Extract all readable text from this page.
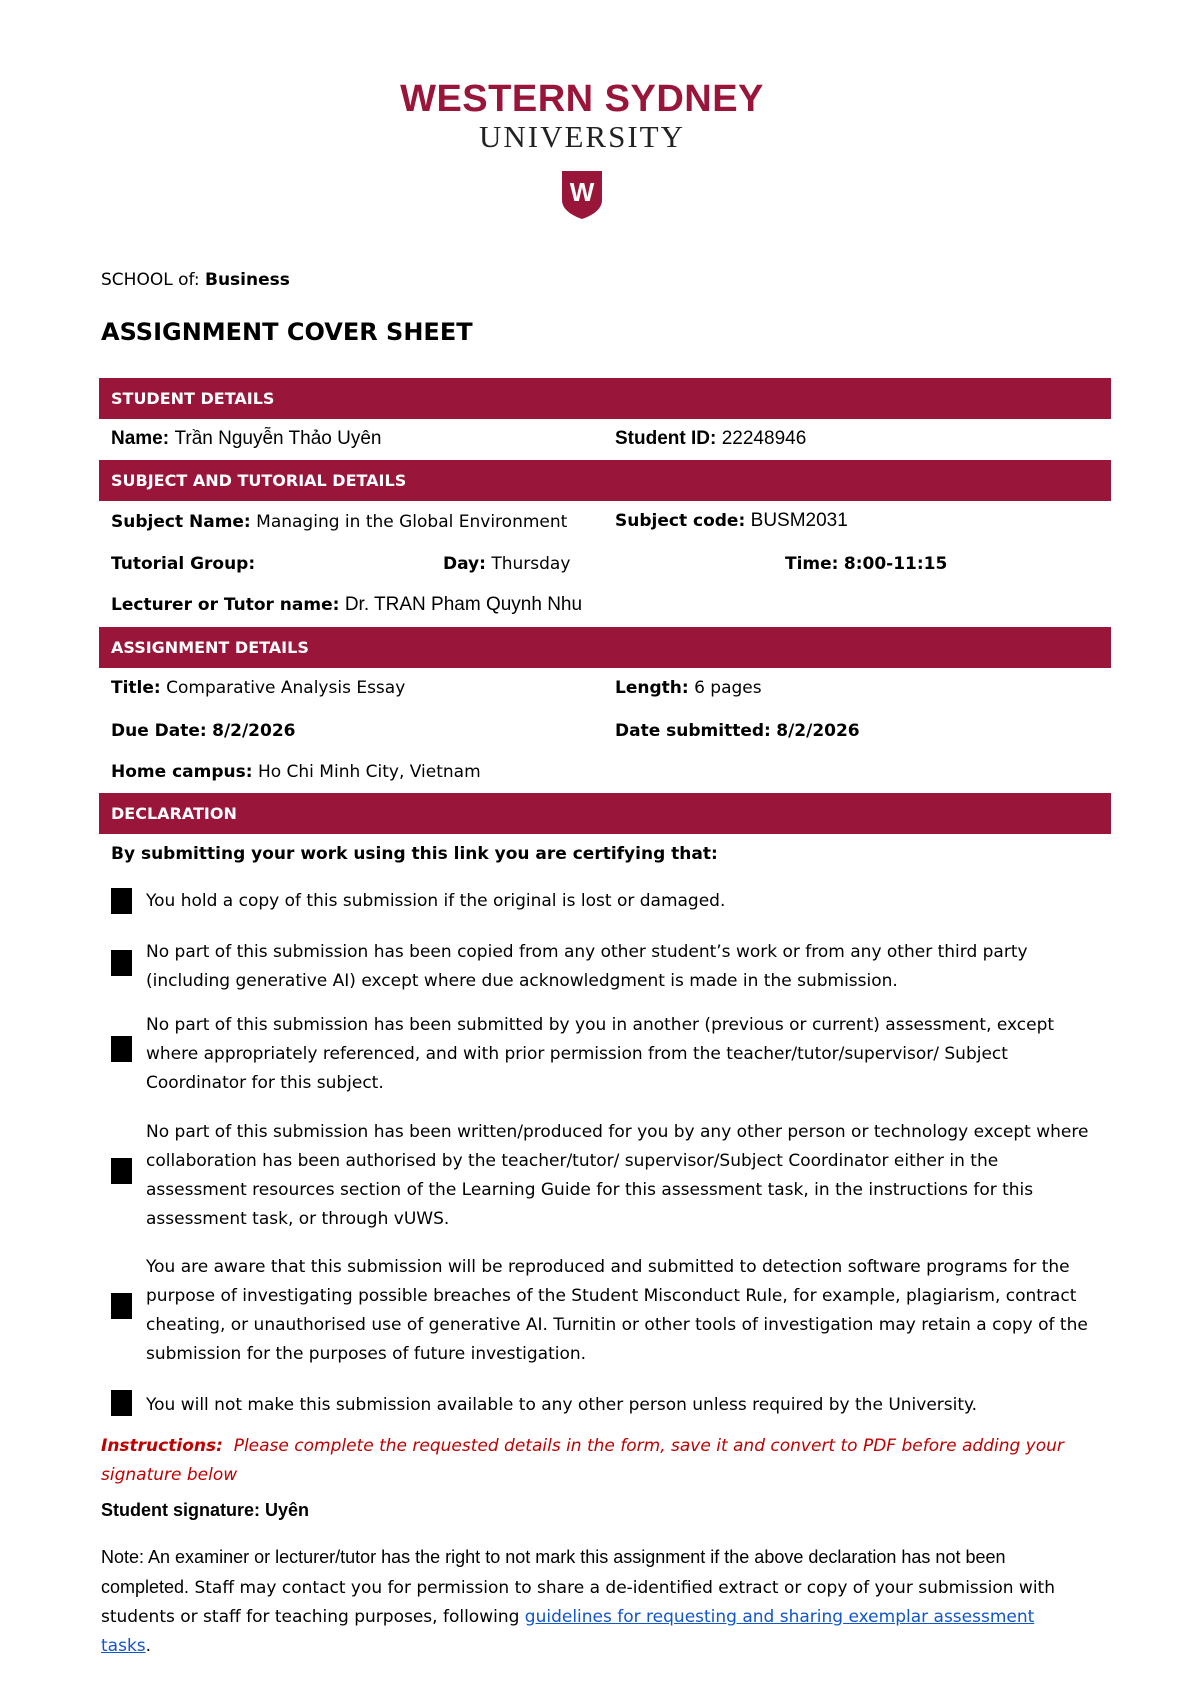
WESTERN SYDNEY
UNIVERSITY
W
SCHOOL of: Business
ASSIGNMENT COVER SHEET
STUDENT DETAILS
Name: Trần Nguyễn Thảo Uyên	Student ID: 22248946
SUBJECT AND TUTORIAL DETAILS
Subject Name: Managing in the Global Environment	Subject code: BUSM2031
Tutorial Group:	Day: Thursday	Time: 8:00-11:15
Lecturer or Tutor name: Dr. TRAN Pham Quynh Nhu
ASSIGNMENT DETAILS
Title: Comparative Analysis Essay	Length: 6 pages
Due Date: 8/2/2026	Date submitted: 8/2/2026
Home campus: Ho Chi Minh City, Vietnam
DECLARATION
By submitting your work using this link you are certifying that:
You hold a copy of this submission if the original is lost or damaged.
No part of this submission has been copied from any other student’s work or from any other third party (including generative AI) except where due acknowledgment is made in the submission.
No part of this submission has been submitted by you in another (previous or current) assessment, except where appropriately referenced, and with prior permission from the teacher/tutor/supervisor/ Subject Coordinator for this subject.
No part of this submission has been written/produced for you by any other person or technology except where collaboration has been authorised by the teacher/tutor/ supervisor/Subject Coordinator either in the assessment resources section of the Learning Guide for this assessment task, in the instructions for this assessment task, or through vUWS.
You are aware that this submission will be reproduced and submitted to detection software programs for the purpose of investigating possible breaches of the Student Misconduct Rule, for example, plagiarism, contract cheating, or unauthorised use of generative AI. Turnitin or other tools of investigation may retain a copy of the submission for the purposes of future investigation.
You will not make this submission available to any other person unless required by the University.
Instructions: Please complete the requested details in the form, save it and convert to PDF before adding your signature below
Student signature: Uyên
Note: An examiner or lecturer/tutor has the right to not mark this assignment if the above declaration has not been completed. Staff may contact you for permission to share a de-identified extract or copy of your submission with students or staff for teaching purposes, following guidelines for requesting and sharing exemplar assessment tasks.
